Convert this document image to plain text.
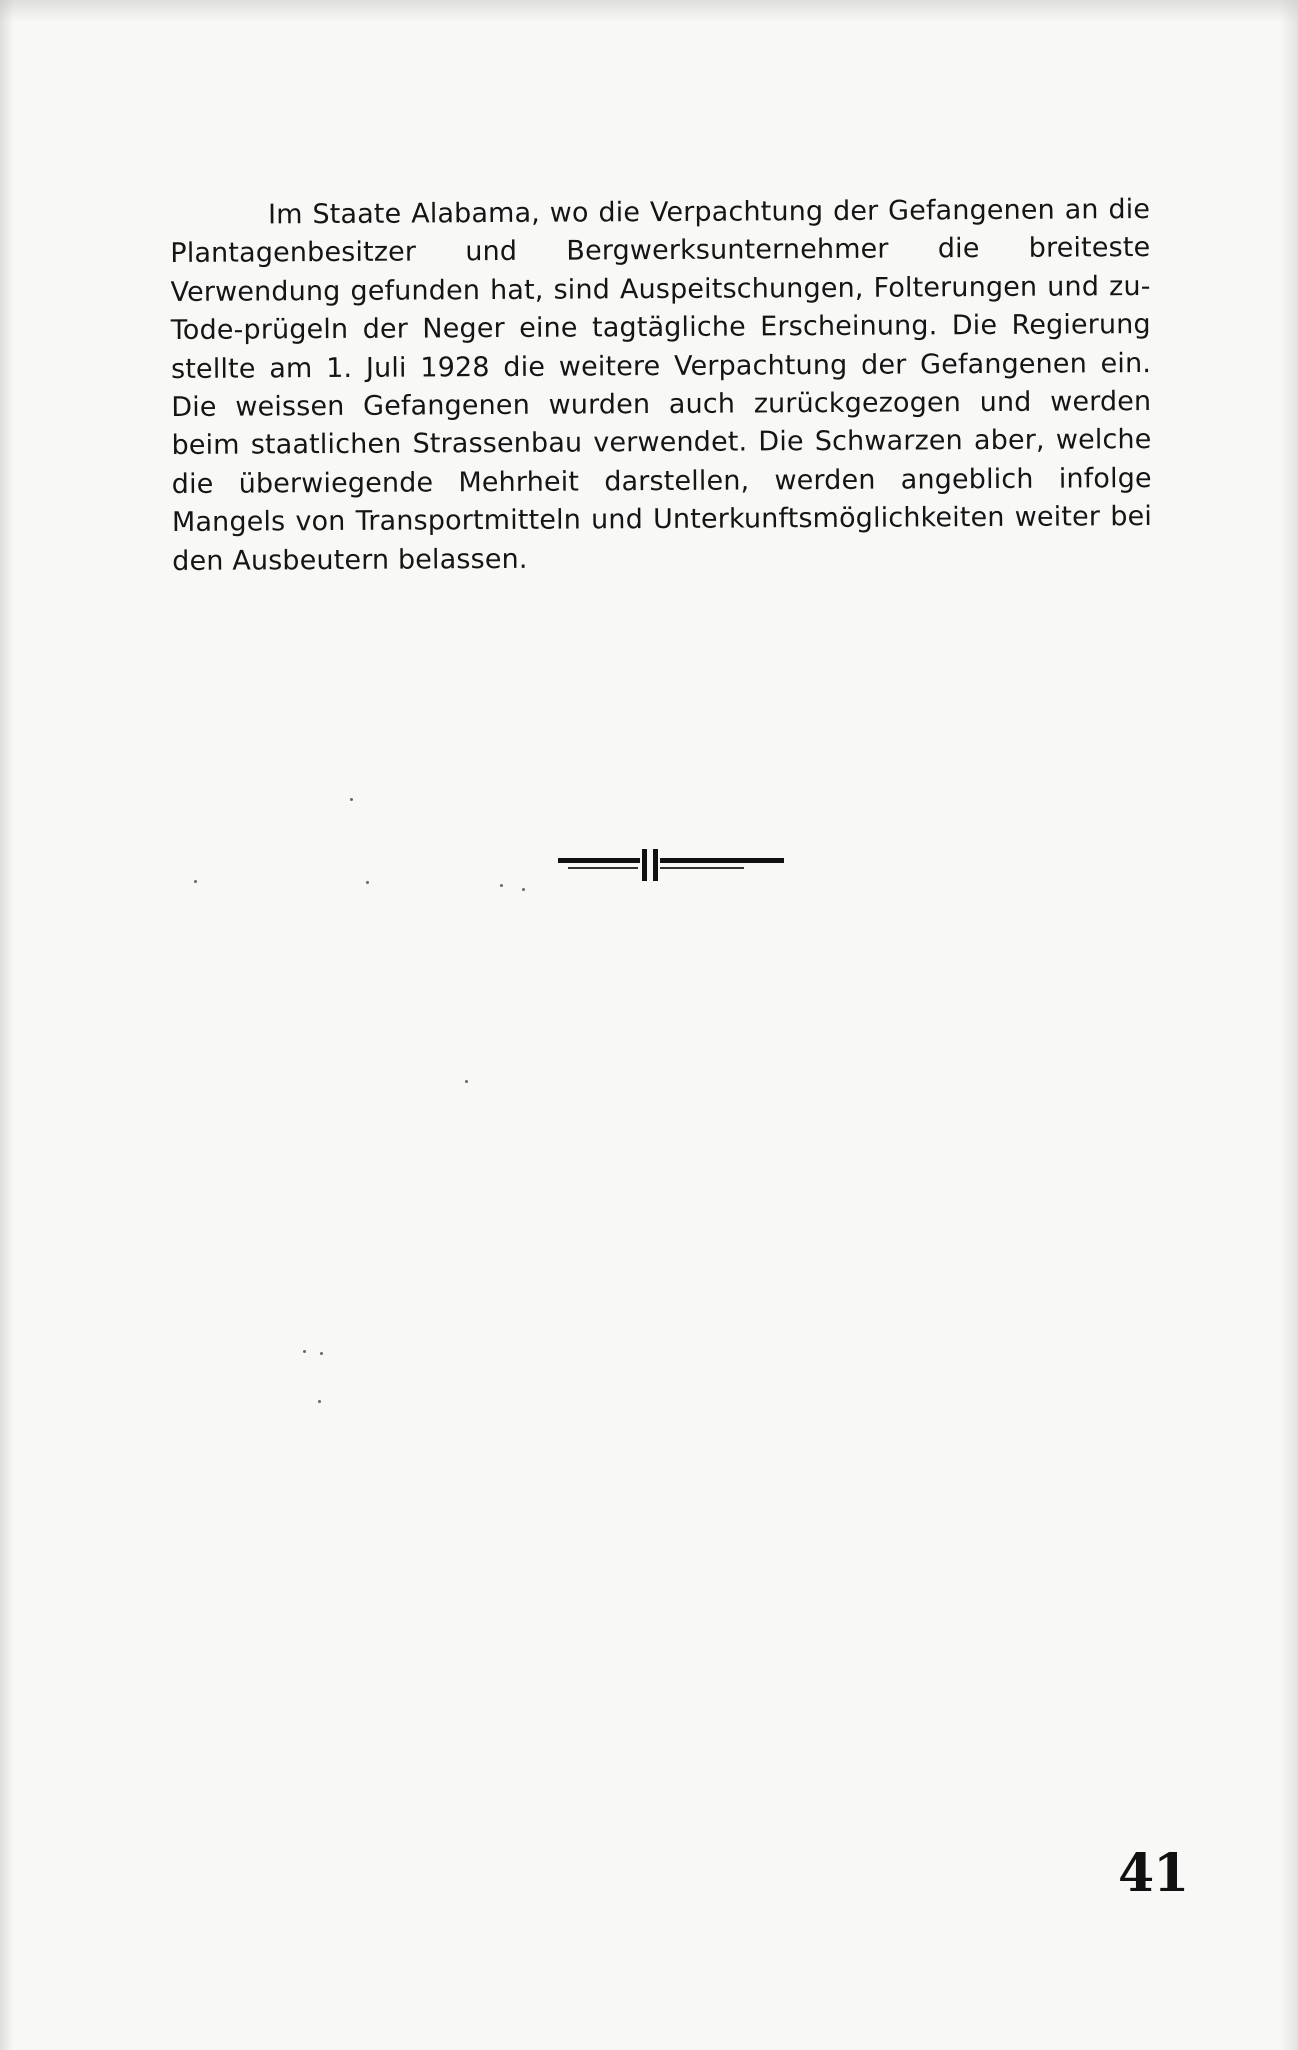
Im Staate Alabama, wo die Verpachtung der Gefangenen an die Plantagenbesitzer und Bergwerksunternehmer die breiteste Verwendung gefunden hat, sind Auspeitschungen, Folterungen und zu-Tode-prügeln der Neger eine tagtägliche Erscheinung. Die Regierung stellte am 1. Juli 1928 die weitere Verpachtung der Gefangenen ein. Die weissen Gefangenen wurden auch zurückgezogen und werden beim staatlichen Strassenbau verwendet. Die Schwarzen aber, welche die überwiegende Mehrheit darstellen, werden angeblich infolge Mangels von Transportmitteln und Unterkunftsmöglichkeiten weiter bei den Ausbeutern belassen.

41
